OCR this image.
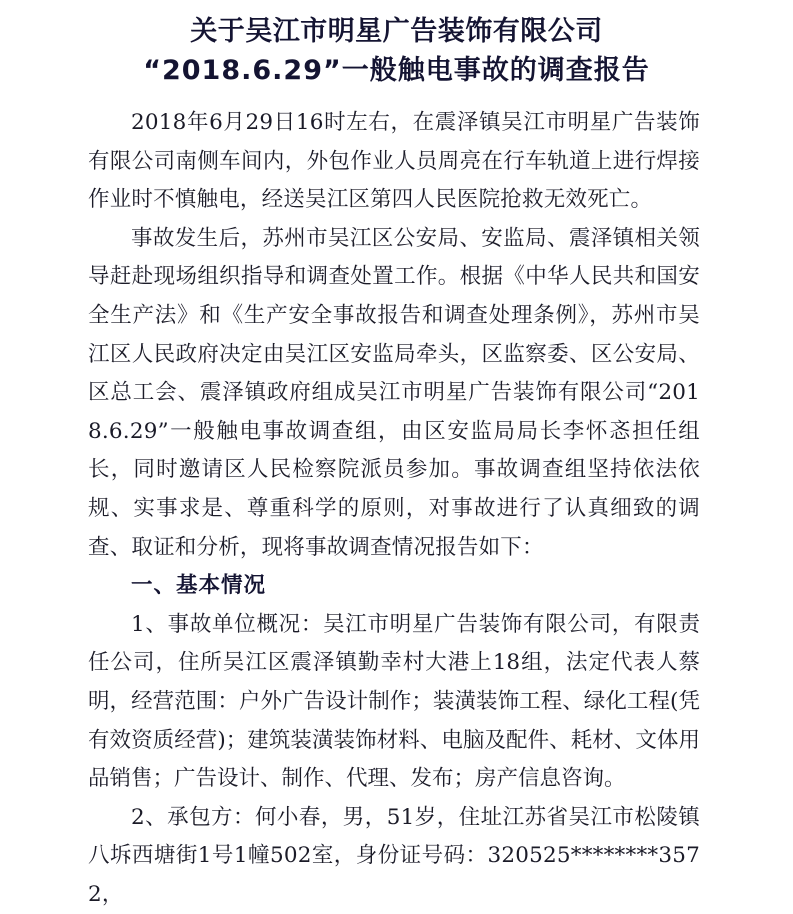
关于吴江市明星广告装饰有限公司
“2018.6.29”一般触电事故的调查报告

2018年6月29日16时左右，在震泽镇吴江市明星广告装饰有限公司南侧车间内，外包作业人员周亮在行车轨道上进行焊接作业时不慎触电，经送吴江区第四人民医院抢救无效死亡。

事故发生后，苏州市吴江区公安局、安监局、震泽镇相关领导赶赴现场组织指导和调查处置工作。根据《中华人民共和国安全生产法》和《生产安全事故报告和调查处理条例》，苏州市吴江区人民政府决定由吴江区安监局牵头，区监察委、区公安局、区总工会、震泽镇政府组成吴江市明星广告装饰有限公司“2018.6.29”一般触电事故调查组，由区安监局局长李怀忞担任组长，同时邀请区人民检察院派员参加。事故调查组坚持依法依规、实事求是、尊重科学的原则，对事故进行了认真细致的调查、取证和分析，现将事故调查情况报告如下：

一、基本情况

1、事故单位概况：吴江市明星广告装饰有限公司，有限责任公司，住所吴江区震泽镇勤幸村大港上18组，法定代表人蔡明，经营范围：户外广告设计制作；装潢装饰工程、绿化工程(凭有效资质经营)；建筑装潢装饰材料、电脑及配件、耗材、文体用品销售；广告设计、制作、代理、发布；房产信息咨询。

2、承包方：何小春，男，51岁，住址江苏省吴江市松陵镇八坼西塘街1号1幢502室，身份证号码：320525********3572，
